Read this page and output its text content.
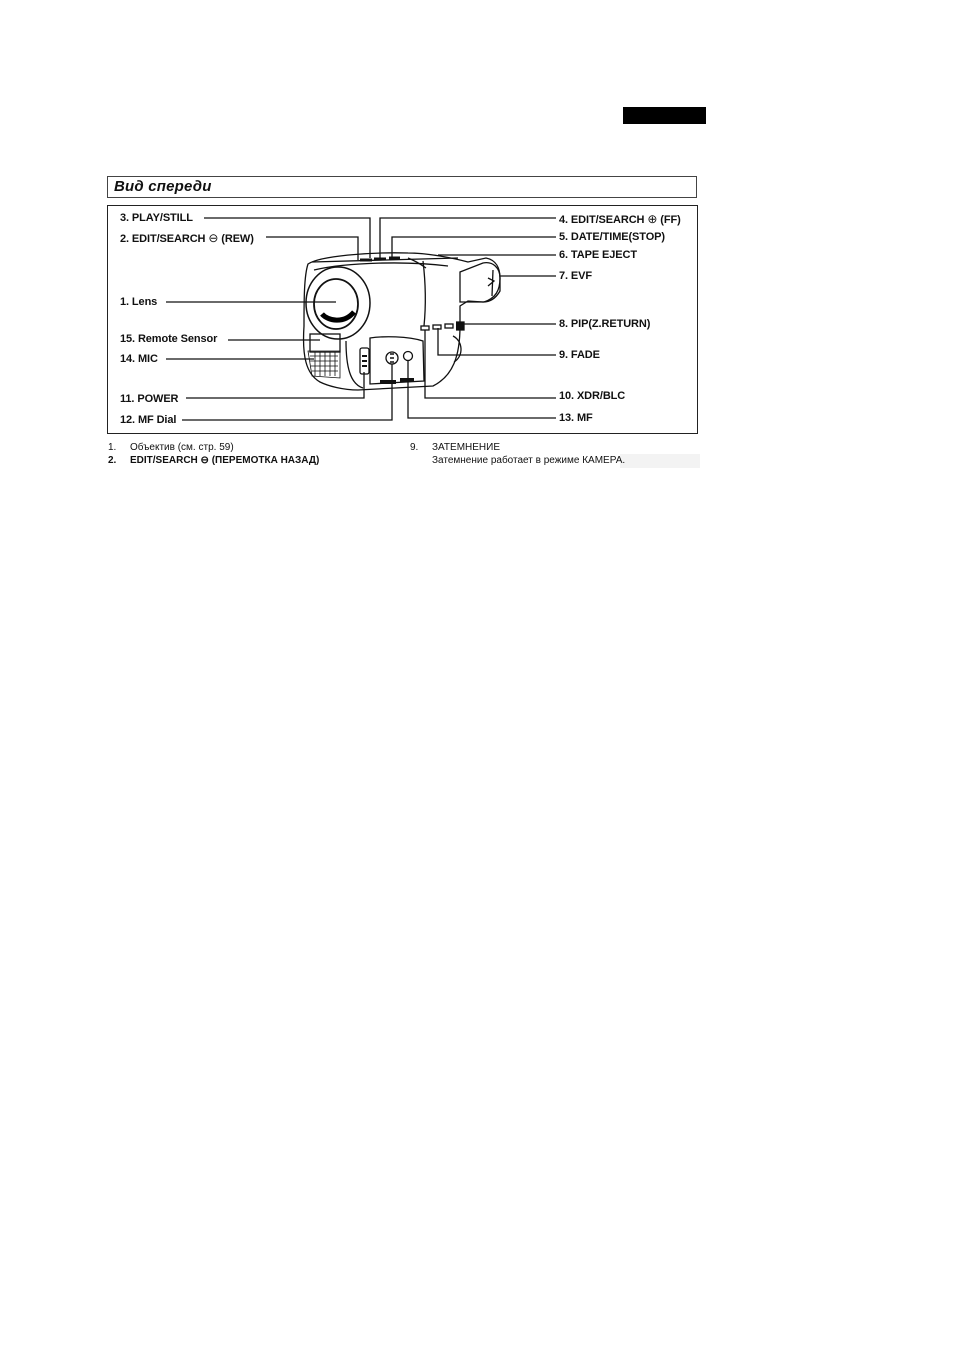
Вид спереди
3. PLAY/STILL
2. EDIT/SEARCH ⊖ (REW)
1. Lens
15. Remote Sensor
14. MIC
11. POWER
12. MF Dial
4. EDIT/SEARCH ⊕ (FF)
5. DATE/TIME(STOP)
6. TAPE EJECT
7. EVF
8. PIP(Z.RETURN)
9. FADE
10. XDR/BLC
13. MF
1. Объектив (см. стр. 59)
2. EDIT/SEARCH ⊖ (ПЕРЕМОТКА НАЗАД)
9. ЗАТЕМНЕНИЕ
Затемнение работает в режиме КАМЕРА.
